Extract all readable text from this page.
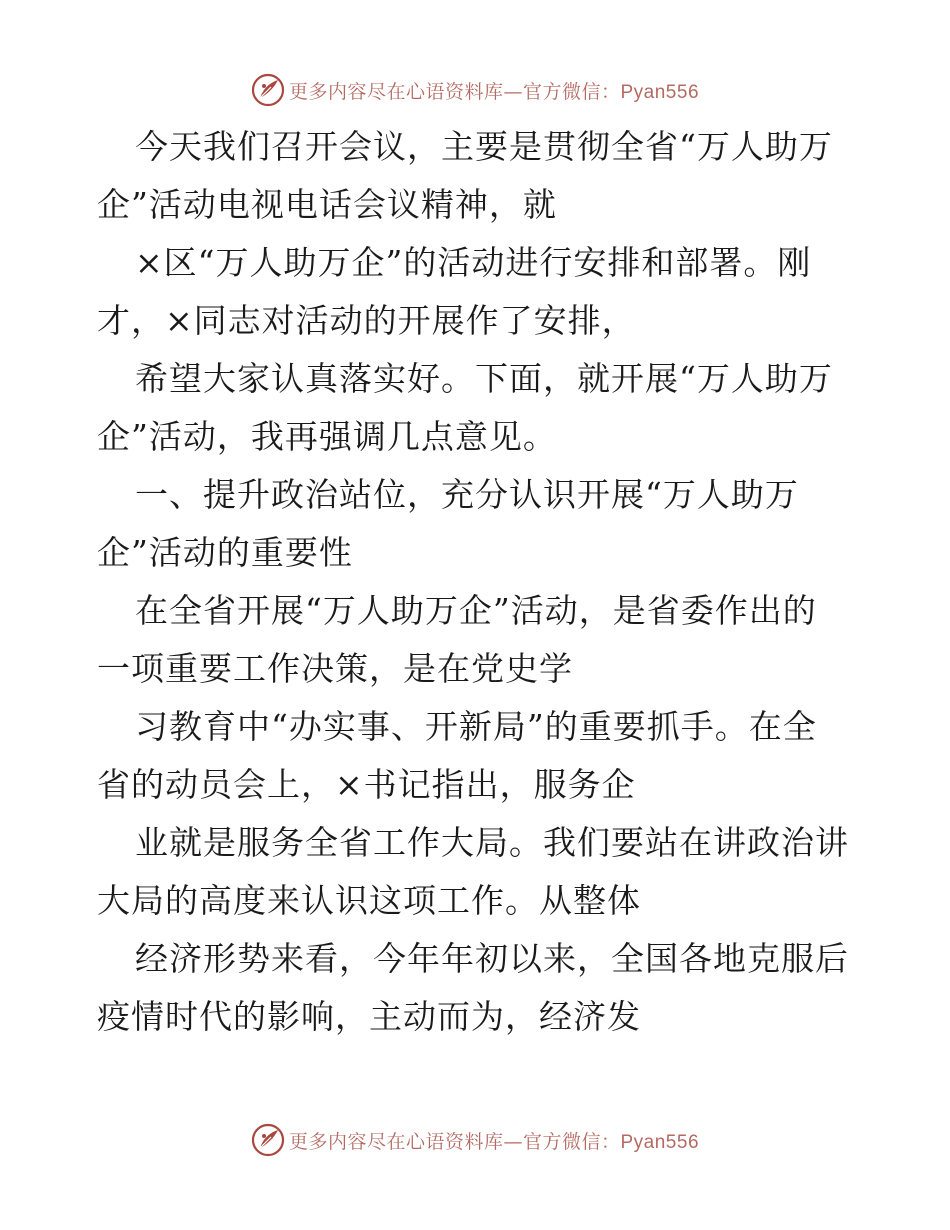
更多内容尽在心语资料库—官方微信：Pyan556
今天我们召开会议，主要是贯彻全省“万人助万
企”活动电视电话会议精神，就
×区“万人助万企”的活动进行安排和部署。刚
才，×同志对活动的开展作了安排，
希望大家认真落实好。下面，就开展“万人助万
企”活动，我再强调几点意见。
一、提升政治站位，充分认识开展“万人助万
企”活动的重要性
在全省开展“万人助万企”活动，是省委作出的
一项重要工作决策，是在党史学
习教育中“办实事、开新局”的重要抓手。在全
省的动员会上，×书记指出，服务企
业就是服务全省工作大局。我们要站在讲政治讲
大局的高度来认识这项工作。从整体
经济形势来看，今年年初以来，全国各地克服后
疫情时代的影响，主动而为，经济发
更多内容尽在心语资料库—官方微信：Pyan556
